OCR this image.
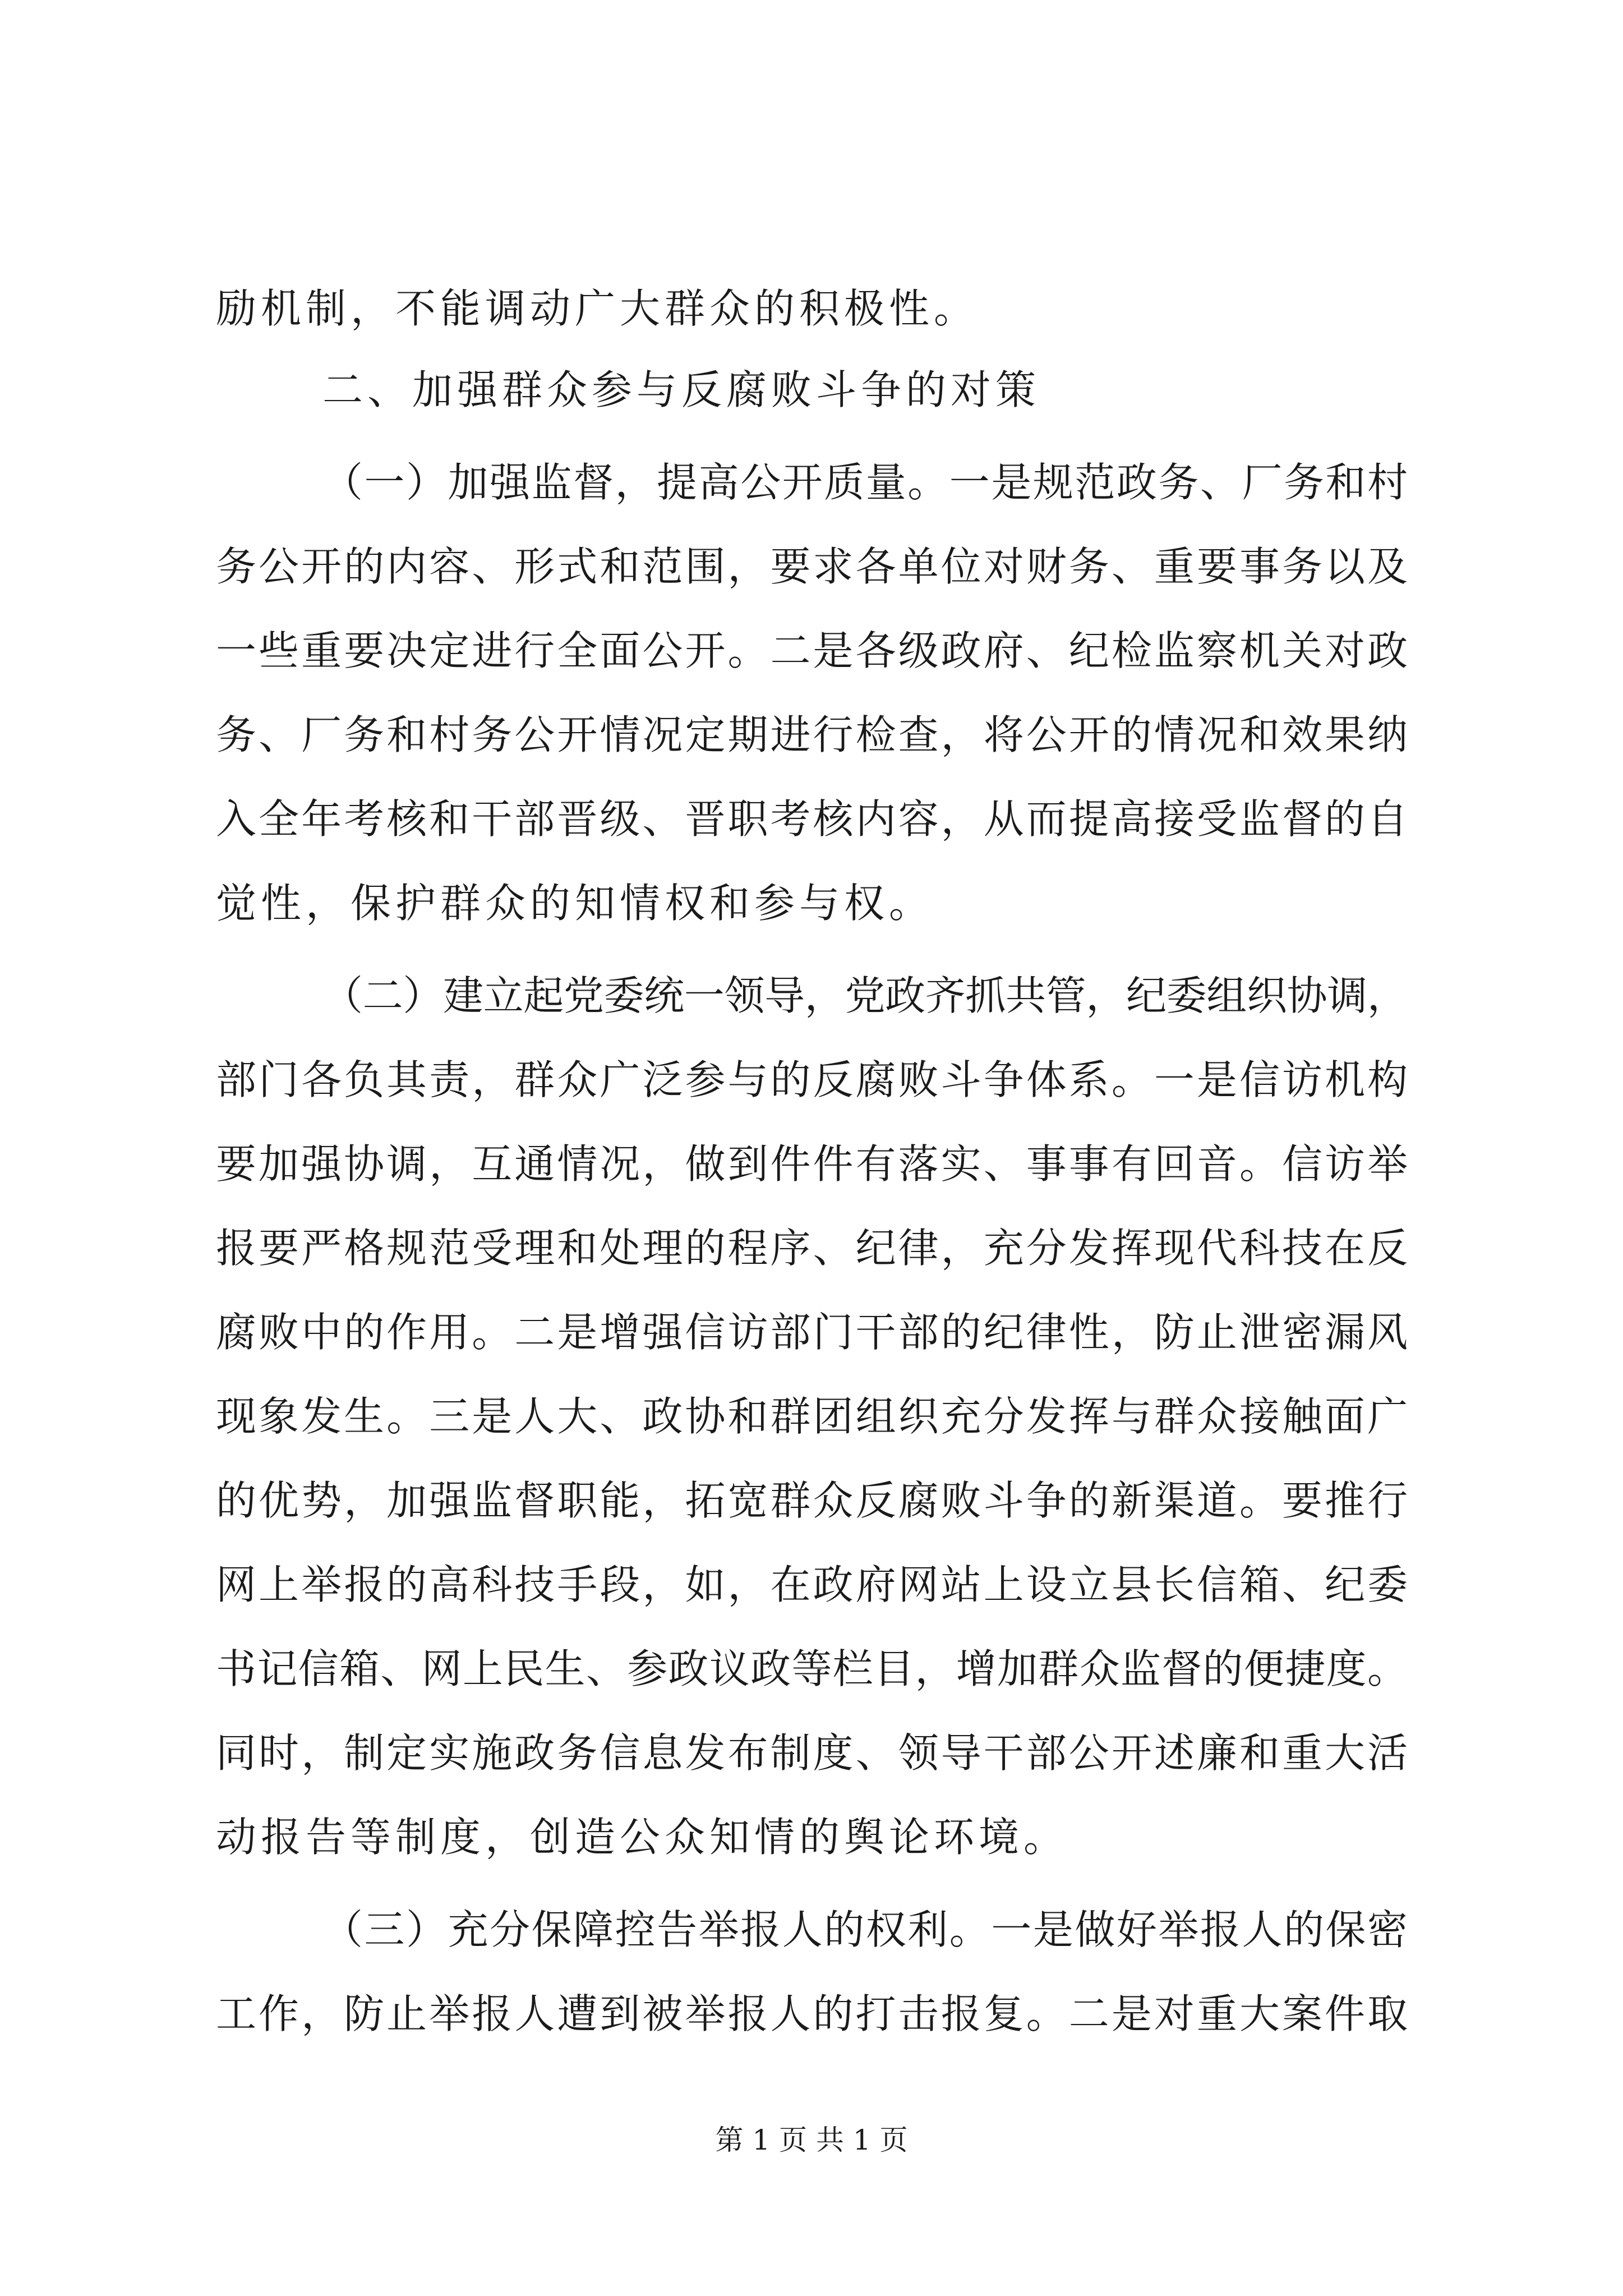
励机制，不能调动广大群众的积极性。
二、加强群众参与反腐败斗争的对策
（一）加强监督，提高公开质量。一是规范政务、厂务和村
务公开的内容、形式和范围，要求各单位对财务、重要事务以及
一些重要决定进行全面公开。二是各级政府、纪检监察机关对政
务、厂务和村务公开情况定期进行检查，将公开的情况和效果纳
入全年考核和干部晋级、晋职考核内容，从而提高接受监督的自
觉性，保护群众的知情权和参与权。
（二）建立起党委统一领导，党政齐抓共管，纪委组织协调，
部门各负其责，群众广泛参与的反腐败斗争体系。一是信访机构
要加强协调，互通情况，做到件件有落实、事事有回音。信访举
报要严格规范受理和处理的程序、纪律，充分发挥现代科技在反
腐败中的作用。二是增强信访部门干部的纪律性，防止泄密漏风
现象发生。三是人大、政协和群团组织充分发挥与群众接触面广
的优势，加强监督职能，拓宽群众反腐败斗争的新渠道。要推行
网上举报的高科技手段，如，在政府网站上设立县长信箱、纪委
书记信箱、网上民生、参政议政等栏目，增加群众监督的便捷度。
同时，制定实施政务信息发布制度、领导干部公开述廉和重大活
动报告等制度，创造公众知情的舆论环境。
（三）充分保障控告举报人的权利。一是做好举报人的保密
工作，防止举报人遭到被举报人的打击报复。二是对重大案件取
第 1 页 共 1 页
